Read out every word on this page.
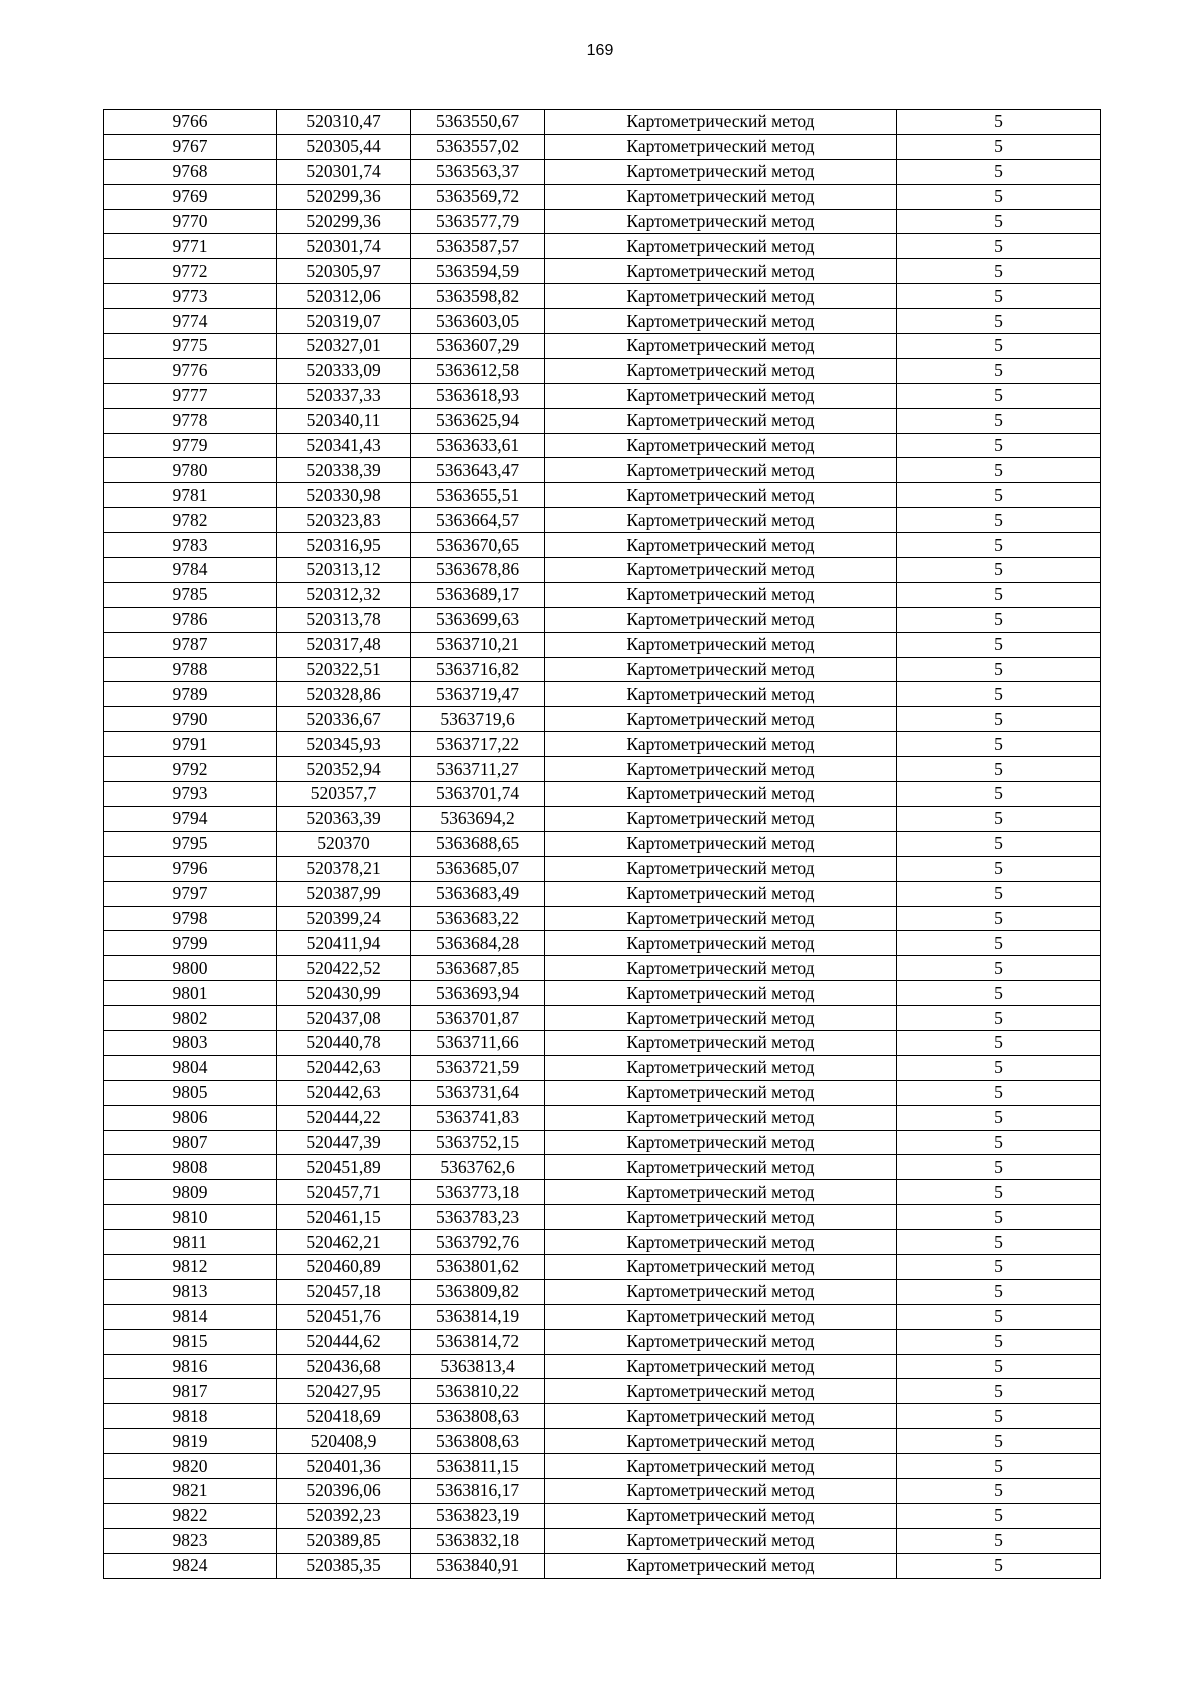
169
9766	520310,47	5363550,67	Картометрический метод	5
9767	520305,44	5363557,02	Картометрический метод	5
9768	520301,74	5363563,37	Картометрический метод	5
9769	520299,36	5363569,72	Картометрический метод	5
9770	520299,36	5363577,79	Картометрический метод	5
9771	520301,74	5363587,57	Картометрический метод	5
9772	520305,97	5363594,59	Картометрический метод	5
9773	520312,06	5363598,82	Картометрический метод	5
9774	520319,07	5363603,05	Картометрический метод	5
9775	520327,01	5363607,29	Картометрический метод	5
9776	520333,09	5363612,58	Картометрический метод	5
9777	520337,33	5363618,93	Картометрический метод	5
9778	520340,11	5363625,94	Картометрический метод	5
9779	520341,43	5363633,61	Картометрический метод	5
9780	520338,39	5363643,47	Картометрический метод	5
9781	520330,98	5363655,51	Картометрический метод	5
9782	520323,83	5363664,57	Картометрический метод	5
9783	520316,95	5363670,65	Картометрический метод	5
9784	520313,12	5363678,86	Картометрический метод	5
9785	520312,32	5363689,17	Картометрический метод	5
9786	520313,78	5363699,63	Картометрический метод	5
9787	520317,48	5363710,21	Картометрический метод	5
9788	520322,51	5363716,82	Картометрический метод	5
9789	520328,86	5363719,47	Картометрический метод	5
9790	520336,67	5363719,6	Картометрический метод	5
9791	520345,93	5363717,22	Картометрический метод	5
9792	520352,94	5363711,27	Картометрический метод	5
9793	520357,7	5363701,74	Картометрический метод	5
9794	520363,39	5363694,2	Картометрический метод	5
9795	520370	5363688,65	Картометрический метод	5
9796	520378,21	5363685,07	Картометрический метод	5
9797	520387,99	5363683,49	Картометрический метод	5
9798	520399,24	5363683,22	Картометрический метод	5
9799	520411,94	5363684,28	Картометрический метод	5
9800	520422,52	5363687,85	Картометрический метод	5
9801	520430,99	5363693,94	Картометрический метод	5
9802	520437,08	5363701,87	Картометрический метод	5
9803	520440,78	5363711,66	Картометрический метод	5
9804	520442,63	5363721,59	Картометрический метод	5
9805	520442,63	5363731,64	Картометрический метод	5
9806	520444,22	5363741,83	Картометрический метод	5
9807	520447,39	5363752,15	Картометрический метод	5
9808	520451,89	5363762,6	Картометрический метод	5
9809	520457,71	5363773,18	Картометрический метод	5
9810	520461,15	5363783,23	Картометрический метод	5
9811	520462,21	5363792,76	Картометрический метод	5
9812	520460,89	5363801,62	Картометрический метод	5
9813	520457,18	5363809,82	Картометрический метод	5
9814	520451,76	5363814,19	Картометрический метод	5
9815	520444,62	5363814,72	Картометрический метод	5
9816	520436,68	5363813,4	Картометрический метод	5
9817	520427,95	5363810,22	Картометрический метод	5
9818	520418,69	5363808,63	Картометрический метод	5
9819	520408,9	5363808,63	Картометрический метод	5
9820	520401,36	5363811,15	Картометрический метод	5
9821	520396,06	5363816,17	Картометрический метод	5
9822	520392,23	5363823,19	Картометрический метод	5
9823	520389,85	5363832,18	Картометрический метод	5
9824	520385,35	5363840,91	Картометрический метод	5
